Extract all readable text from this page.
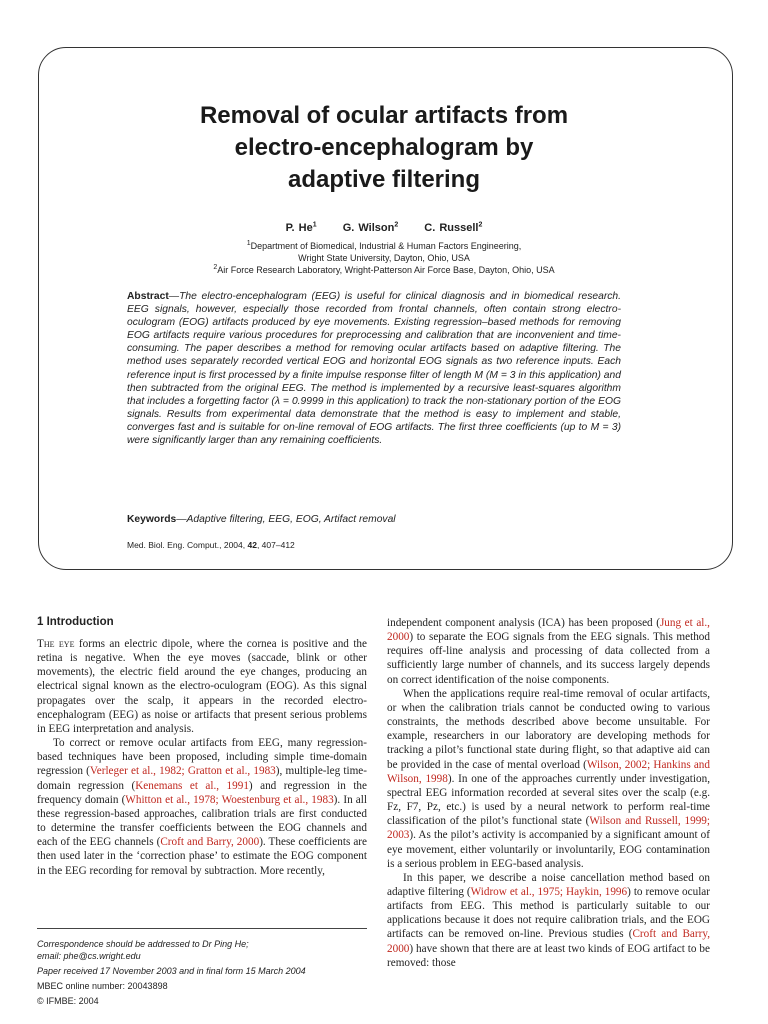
Removal of ocular artifacts from
electro-encephalogram by
adaptive filtering
P. He$^1$ G. Wilson$^2$ C. Russell$^2$
$^1$Department of Biomedical, Industrial & Human Factors Engineering,
Wright State University, Dayton, Ohio, USA
$^2$Air Force Research Laboratory, Wright-Patterson Air Force Base, Dayton, Ohio, USA
Abstract—The electro-encephalogram (EEG) is useful for clinical diagnosis and in biomedical research. EEG signals, however, especially those recorded from frontal channels, often contain strong electro-oculogram (EOG) artifacts produced by eye movements. Existing regression–based methods for removing EOG artifacts require various procedures for preprocessing and calibration that are inconvenient and time-consuming. The paper describes a method for removing ocular artifacts based on adaptive filtering. The method uses separately recorded vertical EOG and horizontal EOG signals as two reference inputs. Each reference input is first processed by a finite impulse response filter of length M (M = 3 in this application) and then subtracted from the original EEG. The method is implemented by a recursive least-squares algorithm that includes a forgetting factor (λ = 0.9999 in this application) to track the non-stationary portion of the EOG signals. Results from experimental data demonstrate that the method is easy to implement and stable, converges fast and is suitable for on-line removal of EOG artifacts. The first three coefficients (up to M = 3) were significantly larger than any remaining coefficients.
Keywords—Adaptive filtering, EEG, EOG, Artifact removal
Med. Biol. Eng. Comput., 2004, 42, 407–412
1 Introduction

The eye forms an electric dipole, where the cornea is positive and the retina is negative. When the eye moves (saccade, blink or other movements), the electric field around the eye changes, producing an electrical signal known as the electro-oculogram (EOG). As this signal propagates over the scalp, it appears in the recorded electro-encephalogram (EEG) as noise or artifacts that present serious problems in EEG interpretation and analysis.

To correct or remove ocular artifacts from EEG, many regression-based techniques have been proposed, including simple time-domain regression (Verleger et al., 1982; Gratton et al., 1983), multiple-leg time-domain regression (Kenemans et al., 1991) and regression in the frequency domain (Whitton et al., 1978; Woestenburg et al., 1983). In all these regression-based approaches, calibration trials are first conducted to determine the transfer coefficients between the EOG channels and each of the EEG channels (Croft and Barry, 2000). These coefficients are then used later in the ‘correction phase’ to estimate the EOG component in the EEG recording for removal by subtraction. More recently,

Correspondence should be addressed to Dr Ping He;
email: phe@cs.wright.edu
Paper received 17 November 2003 and in final form 15 March 2004
MBEC online number: 20043898
© IFMBE: 2004

independent component analysis (ICA) has been proposed (Jung et al., 2000) to separate the EOG signals from the EEG signals. This method requires off-line analysis and processing of data collected from a sufficiently large number of channels, and its success largely depends on correct identification of the noise components.

When the applications require real-time removal of ocular artifacts, or when the calibration trials cannot be conducted owing to various constraints, the methods described above become unsuitable. For example, researchers in our laboratory are developing methods for tracking a pilot’s functional state during flight, so that adaptive aid can be provided in the case of mental overload (Wilson, 2002; Hankins and Wilson, 1998). In one of the approaches currently under investigation, spectral EEG information recorded at several sites over the scalp (e.g. Fz, F7, Pz, etc.) is used by a neural network to perform real-time classification of the pilot’s functional state (Wilson and Russell, 1999; 2003). As the pilot’s activity is accompanied by a significant amount of eye movement, either voluntarily or involuntarily, EOG contamination is a serious problem in EEG-based analysis.

In this paper, we describe a noise cancellation method based on adaptive filtering (Widrow et al., 1975; Haykin, 1996) to remove ocular artifacts from EEG. This method is particularly suitable to our applications because it does not require calibration trials, and the EOG artifacts can be removed on-line. Previous studies (Croft and Barry, 2000) have shown that there are at least two kinds of EOG artifact to be removed: those
